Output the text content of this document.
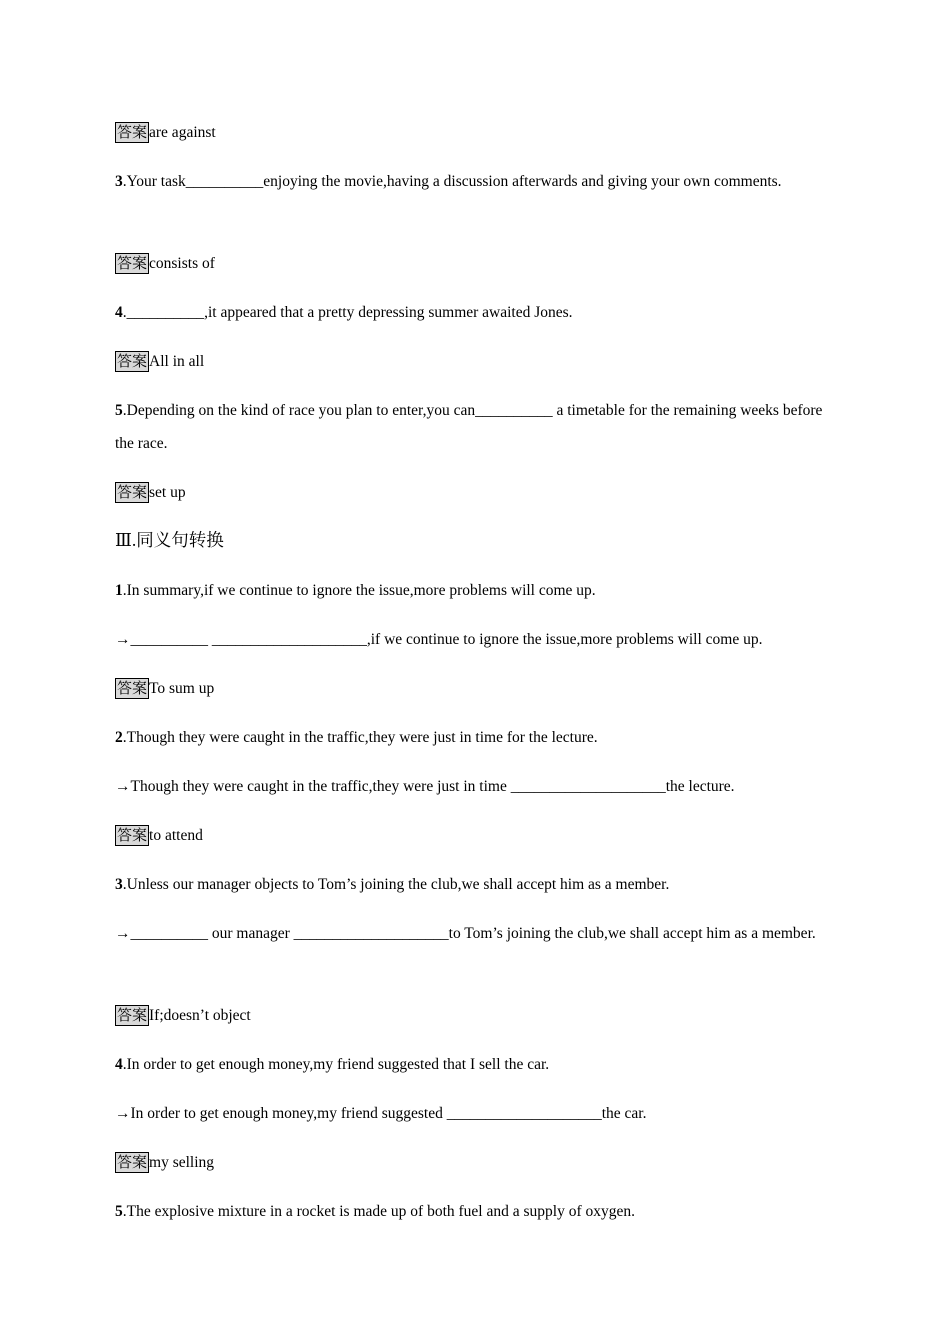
答案 are against
3.Your task__________enjoying the movie,having a discussion afterwards and giving your own comments.
答案 consists of
4.__________,it appeared that a pretty depressing summer awaited Jones.
答案 All in all
5.Depending on the kind of race you plan to enter,you can__________ a timetable for the remaining weeks before the race.
答案 set up
Ⅲ.同义句转换
1.In summary,if we continue to ignore the issue,more problems will come up.
→__________ ____________________,if we continue to ignore the issue,more problems will come up.
答案 To sum up
2.Though they were caught in the traffic,they were just in time for the lecture.
→Though they were caught in the traffic,they were just in time ____________________the lecture.
答案 to attend
3.Unless our manager objects to Tom’s joining the club,we shall accept him as a member.
→__________ our manager ____________________to Tom’s joining the club,we shall accept him as a member.
答案 If;doesn’t object
4.In order to get enough money,my friend suggested that I sell the car.
→In order to get enough money,my friend suggested ____________________the car.
答案 my selling
5.The explosive mixture in a rocket is made up of both fuel and a supply of oxygen.
